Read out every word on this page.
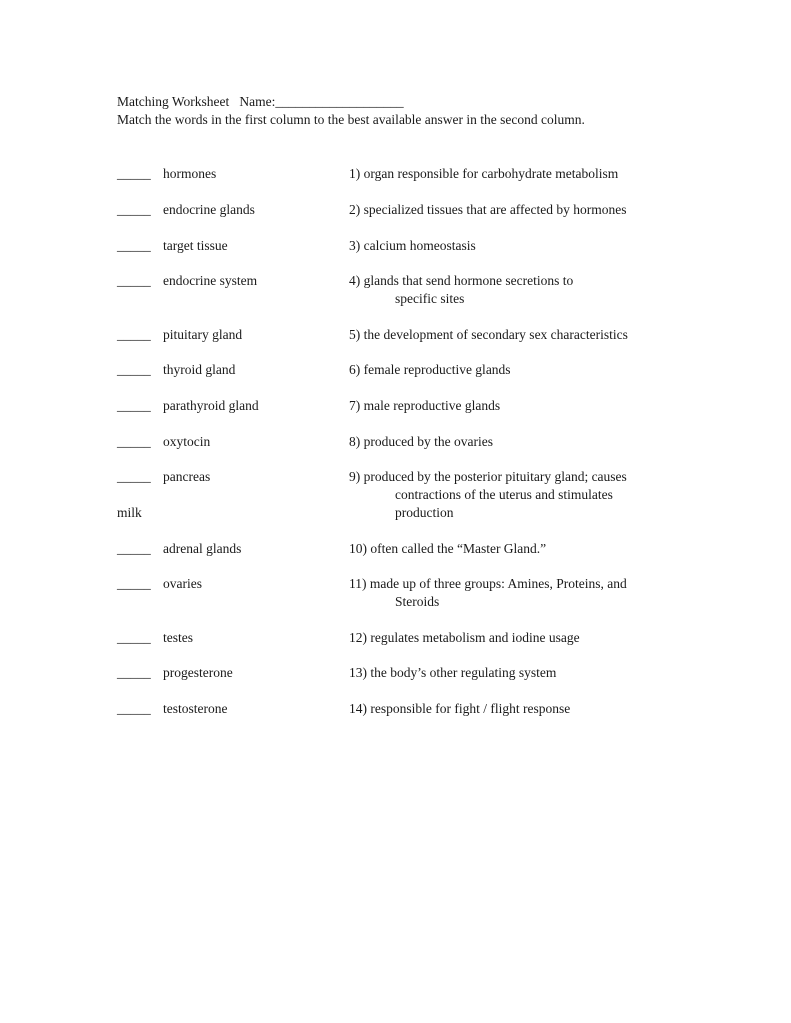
Matching Worksheet Name:___________________
Match the words in the first column to the best available answer in the second column.
_____ hormones	1) organ responsible for carbohydrate metabolism
_____ endocrine glands	2) specialized tissues that are affected by hormones
_____ target tissue	3) calcium homeostasis
_____ endocrine system	4) glands that send hormone secretions to
specific sites
_____ pituitary gland	5) the development of secondary sex characteristics
_____ thyroid gland	6) female reproductive glands
_____ parathyroid gland	7) male reproductive glands
_____ oxytocin	8) produced by the ovaries
_____ pancreas	9) produced by the posterior pituitary gland; causes
contractions of the uterus and stimulates
milk	production
_____ adrenal glands	10) often called the “Master Gland.”
_____ ovaries	11) made up of three groups: Amines, Proteins, and
Steroids
_____ testes	12) regulates metabolism and iodine usage
_____ progesterone	13) the body’s other regulating system
_____ testosterone	14) responsible for fight / flight response
